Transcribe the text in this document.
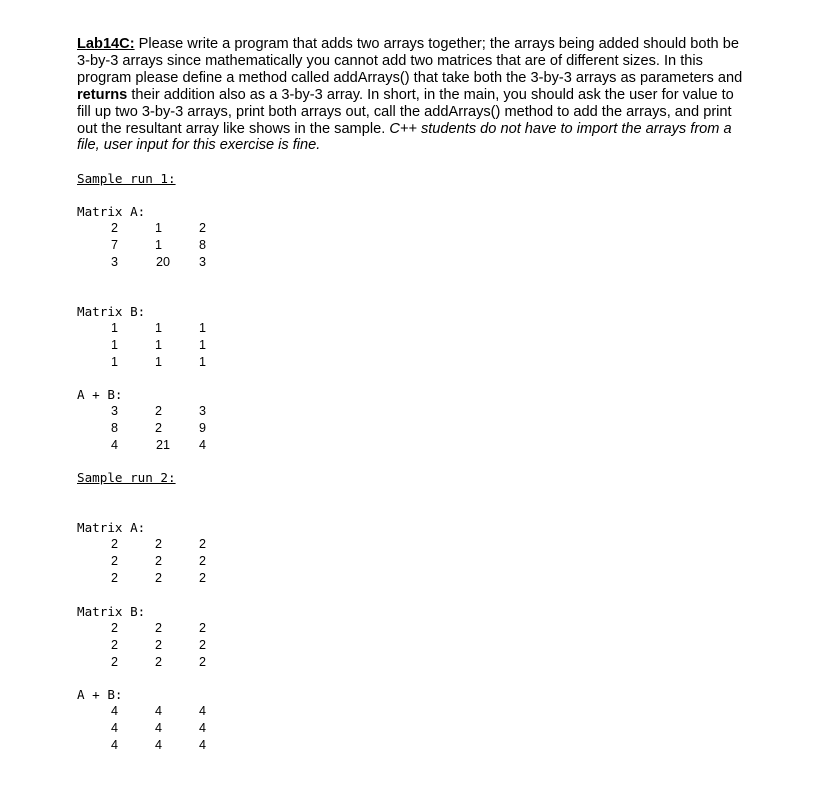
Lab14C: Please write a program that adds two arrays together; the arrays being added should both be 3-by-3 arrays since mathematically you cannot add two matrices that are of different sizes. In this program please define a method called addArrays() that take both the 3-by-3 arrays as parameters and returns their addition also as a 3-by-3 array. In short, in the main, you should ask the user for value to fill up two 3-by-3 arrays, print both arrays out, call the addArrays() method to add the arrays, and print out the resultant array like shows in the sample. C++ students do not have to import the arrays from a file, user input for this exercise is fine.
Sample run 1:
Matrix A:
2	1	2
7	1	8
3	20	3
Matrix B:
1	1	1
1	1	1
1	1	1
A + B:
3	2	3
8	2	9
4	21	4
Sample run 2:
Matrix A:
2	2	2
2	2	2
2	2	2
Matrix B:
2	2	2
2	2	2
2	2	2
A + B:
4	4	4
4	4	4
4	4	4
